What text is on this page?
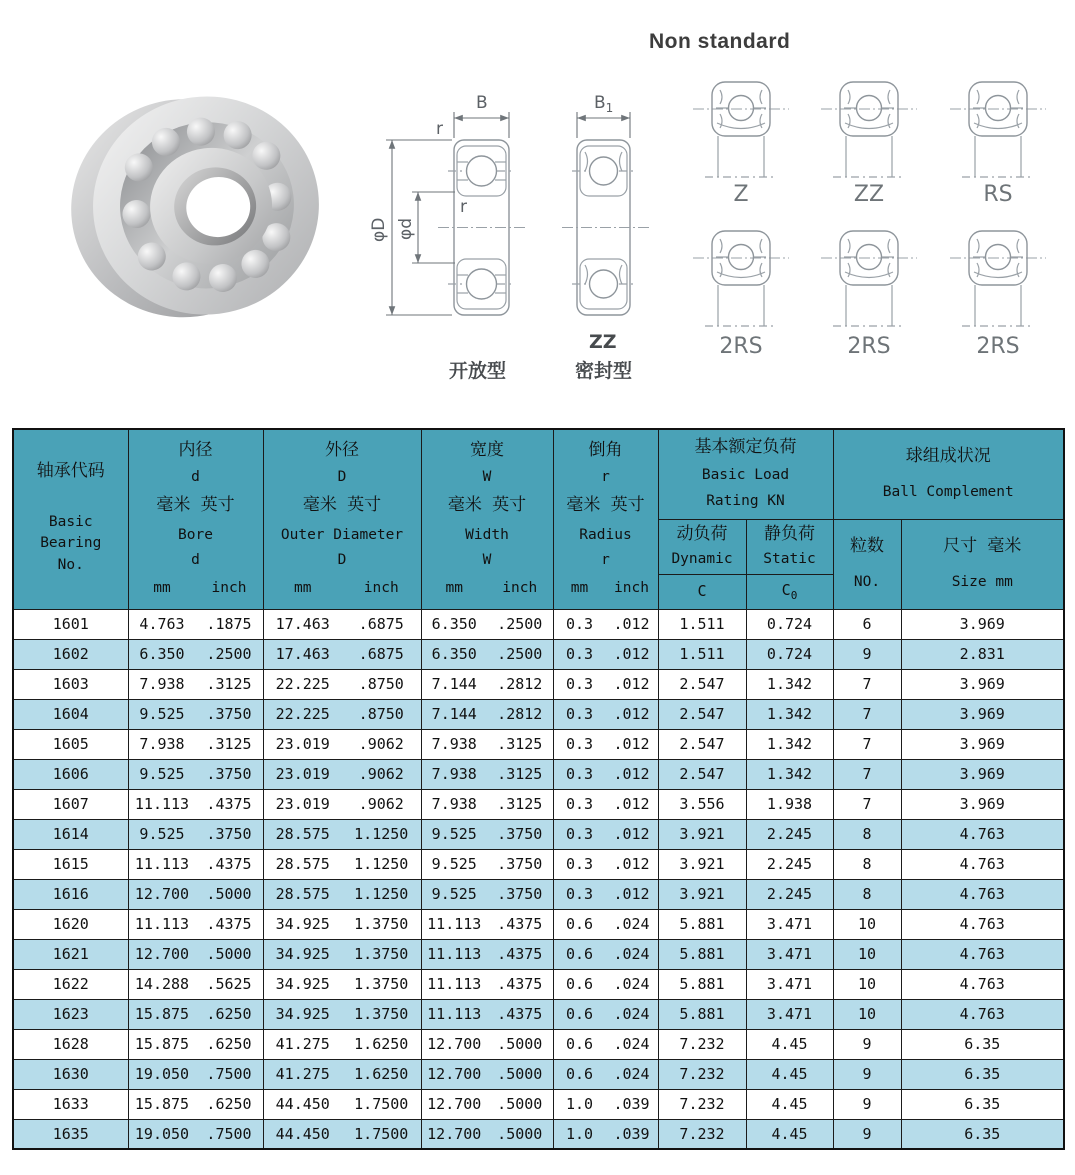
B
r
r
φD φd
开放型
$B_1$
ZZ
密封型
Non standard
Z	ZZ	RS
2RS	2RS	2RS
轴承代码
Basic
Bearing
No.

内径
d
毫米 英寸
Bore
d
mm	inch

外径
D
毫米 英寸
Outer Diameter
D
mm	inch

宽度
W
毫米 英寸
Width
W
mm	inch

倒角
r
毫米 英寸
Radius
r
mm	inch

基本额定负荷
Basic Load
Rating KN

球组成状况
Ball Complement

动负荷
Dynamic

静负荷
Static

粒数
NO.

尺寸 毫米
Size mm

					C	$C_0$

1601	4.763 .1875	17.463 .6875	6.350 .2500	0.3 .012	1.511	0.724	6	3.969
1602	6.350 .2500	17.463 .6875	6.350 .2500	0.3 .012	1.511	0.724	9	2.831
1603	7.938 .3125	22.225 .8750	7.144 .2812	0.3 .012	2.547	1.342	7	3.969
1604	9.525 .3750	22.225 .8750	7.144 .2812	0.3 .012	2.547	1.342	7	3.969
1605	7.938 .3125	23.019 .9062	7.938 .3125	0.3 .012	2.547	1.342	7	3.969
1606	9.525 .3750	23.019 .9062	7.938 .3125	0.3 .012	2.547	1.342	7	3.969
1607	11.113 .4375	23.019 .9062	7.938 .3125	0.3 .012	3.556	1.938	7	3.969
1614	9.525 .3750	28.575 1.1250	9.525 .3750	0.3 .012	3.921	2.245	8	4.763
1615	11.113 .4375	28.575 1.1250	9.525 .3750	0.3 .012	3.921	2.245	8	4.763
1616	12.700 .5000	28.575 1.1250	9.525 .3750	0.3 .012	3.921	2.245	8	4.763
1620	11.113 .4375	34.925 1.3750	11.113 .4375	0.6 .024	5.881	3.471	10	4.763
1621	12.700 .5000	34.925 1.3750	11.113 .4375	0.6 .024	5.881	3.471	10	4.763
1622	14.288 .5625	34.925 1.3750	11.113 .4375	0.6 .024	5.881	3.471	10	4.763
1623	15.875 .6250	34.925 1.3750	11.113 .4375	0.6 .024	5.881	3.471	10	4.763
1628	15.875 .6250	41.275 1.6250	12.700 .5000	0.6 .024	7.232	4.45	9	6.35
1630	19.050 .7500	41.275 1.6250	12.700 .5000	0.6 .024	7.232	4.45	9	6.35
1633	15.875 .6250	44.450 1.7500	12.700 .5000	1.0 .039	7.232	4.45	9	6.35
1635	19.050 .7500	44.450 1.7500	12.700 .5000	1.0 .039	7.232	4.45	9	6.35
